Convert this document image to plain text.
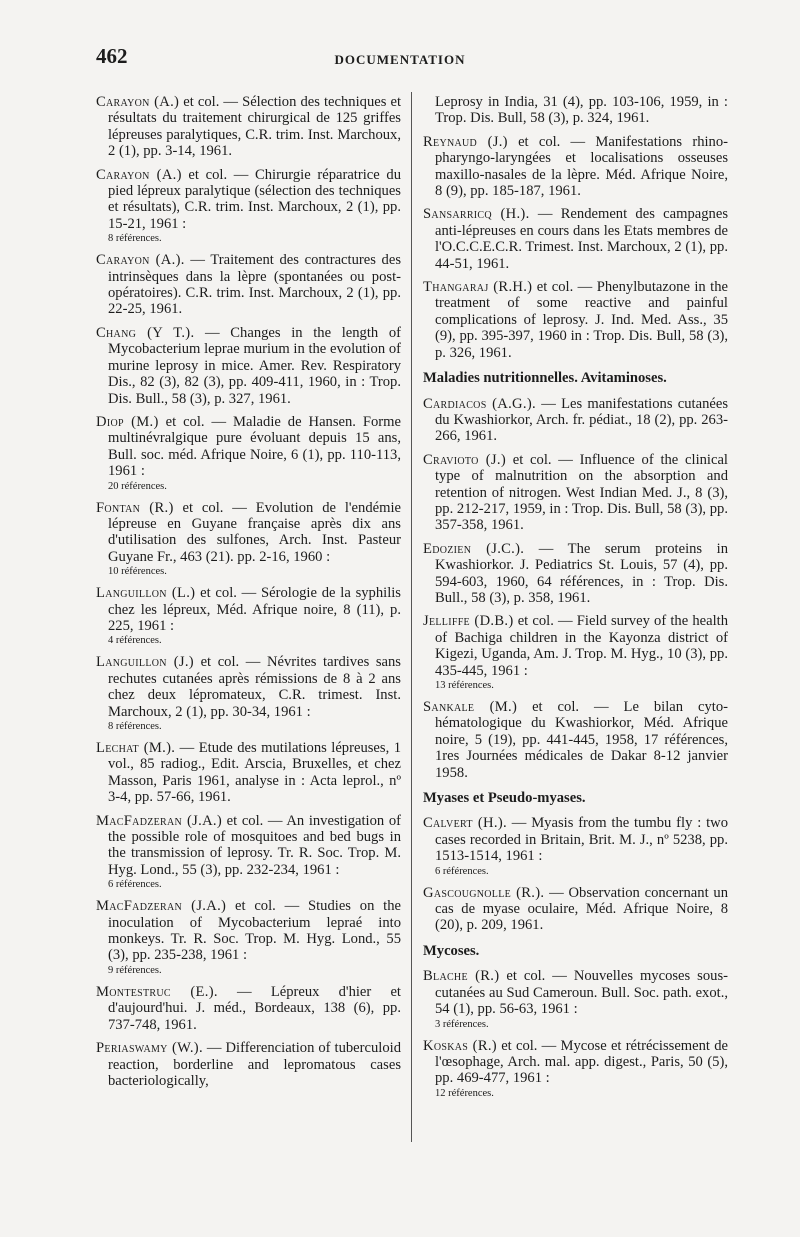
462	DOCUMENTATION
Carayon (A.) et col. — Sélection des techniques et résultats du traitement chirurgical de 125 griffes lépreuses paralytiques, C.R. trim. Inst. Marchoux, 2 (1), pp. 3-14, 1961.
Carayon (A.) et col. — Chirurgie réparatrice du pied lépreux paralytique (sélection des techniques et résultats), C.R. trim. Inst. Marchoux, 2 (1), pp. 15-21, 1961 :
8 références.
Carayon (A.). — Traitement des contractures des intrinsèques dans la lèpre (spontanées ou post-opératoires). C.R. trim. Inst. Marchoux, 2 (1), pp. 22-25, 1961.
Chang (Y T.). — Changes in the length of Mycobacterium leprae murium in the evolution of murine leprosy in mice. Amer. Rev. Respiratory Dis., 82 (3), 82 (3), pp. 409-411, 1960, in : Trop. Dis. Bull., 58 (3), p. 327, 1961.
Diop (M.) et col. — Maladie de Hansen. Forme multinévralgique pure évoluant depuis 15 ans, Bull. soc. méd. Afrique Noire, 6 (1), pp. 110-113, 1961 :
20 références.
Fontan (R.) et col. — Evolution de l'endémie lépreuse en Guyane française après dix ans d'utilisation des sulfones, Arch. Inst. Pasteur Guyane Fr., 463 (21). pp. 2-16, 1960 :
10 références.
Languillon (L.) et col. — Sérologie de la syphilis chez les lépreux, Méd. Afrique noire, 8 (11), p. 225, 1961 :
4 références.
Languillon (J.) et col. — Névrites tardives sans rechutes cutanées après rémissions de 8 à 2 ans chez deux lépromateux, C.R. trimest. Inst. Marchoux, 2 (1), pp. 30-34, 1961 :
8 références.
Lechat (M.). — Etude des mutilations lépreuses, 1 vol., 85 radiog., Edit. Arscia, Bruxelles, et chez Masson, Paris 1961, analyse in : Acta leprol., nº 3-4, pp. 57-66, 1961.
MacFadzeran (J.A.) et col. — An investigation of the possible role of mosquitoes and bed bugs in the transmission of leprosy. Tr. R. Soc. Trop. M. Hyg. Lond., 55 (3), pp. 232-234, 1961 :
6 références.
MacFadzeran (J.A.) et col. — Studies on the inoculation of Mycobacterium lepraé into monkeys. Tr. R. Soc. Trop. M. Hyg. Lond., 55 (3), pp. 235-238, 1961 :
9 références.
Montestruc (E.). — Lépreux d'hier et d'aujourd'hui. J. méd., Bordeaux, 138 (6), pp. 737-748, 1961.
Periaswamy (W.). — Differenciation of tuberculoid reaction, borderline and lepromatous cases bacteriologically,
Leprosy in India, 31 (4), pp. 103-106, 1959, in : Trop. Dis. Bull, 58 (3), p. 324, 1961.
Reynaud (J.) et col. — Manifestations rhino-pharyngo-laryngées et localisations osseuses maxillo-nasales de la lèpre. Méd. Afrique Noire, 8 (9), pp. 185-187, 1961.
Sansarricq (H.). — Rendement des campagnes anti-lépreuses en cours dans les Etats membres de l'O.C.C.E.C.R. Trimest. Inst. Marchoux, 2 (1), pp. 44-51, 1961.
Thangaraj (R.H.) et col. — Phenylbutazone in the treatment of some reactive and painful complications of leprosy. J. Ind. Med. Ass., 35 (9), pp. 395-397, 1960 in : Trop. Dis. Bull, 58 (3), p. 326, 1961.
Maladies nutritionnelles. Avitaminoses.
Cardiacos (A.G.). — Les manifestations cutanées du Kwashiorkor, Arch. fr. pédiat., 18 (2), pp. 263-266, 1961.
Cravioto (J.) et col. — Influence of the clinical type of malnutrition on the absorption and retention of nitrogen. West Indian Med. J., 8 (3), pp. 212-217, 1959, in : Trop. Dis. Bull, 58 (3), pp. 357-358, 1961.
Edozien (J.C.). — The serum proteins in Kwashiorkor. J. Pediatrics St. Louis, 57 (4), pp. 594-603, 1960, 64 références, in : Trop. Dis. Bull., 58 (3), p. 358, 1961.
Jelliffe (D.B.) et col. — Field survey of the health of Bachiga children in the Kayonza district of Kigezi, Uganda, Am. J. Trop. M. Hyg., 10 (3), pp. 435-445, 1961 :
13 références.
Sankale (M.) et col. — Le bilan cyto-hématologique du Kwashiorkor, Méd. Afrique noire, 5 (19), pp. 441-445, 1958, 17 références, 1res Journées médicales de Dakar 8-12 janvier 1958.
Myases et Pseudo-myases.
Calvert (H.). — Myasis from the tumbu fly : two cases recorded in Britain, Brit. M. J., nº 5238, pp. 1513-1514, 1961 :
6 références.
Gascougnolle (R.). — Observation concernant un cas de myase oculaire, Méd. Afrique Noire, 8 (20), p. 209, 1961.
Mycoses.
Blache (R.) et col. — Nouvelles mycoses sous-cutanées au Sud Cameroun. Bull. Soc. path. exot., 54 (1), pp. 56-63, 1961 :
3 références.
Koskas (R.) et col. — Mycose et rétrécissement de l'œsophage, Arch. mal. app. digest., Paris, 50 (5), pp. 469-477, 1961 :
12 références.
